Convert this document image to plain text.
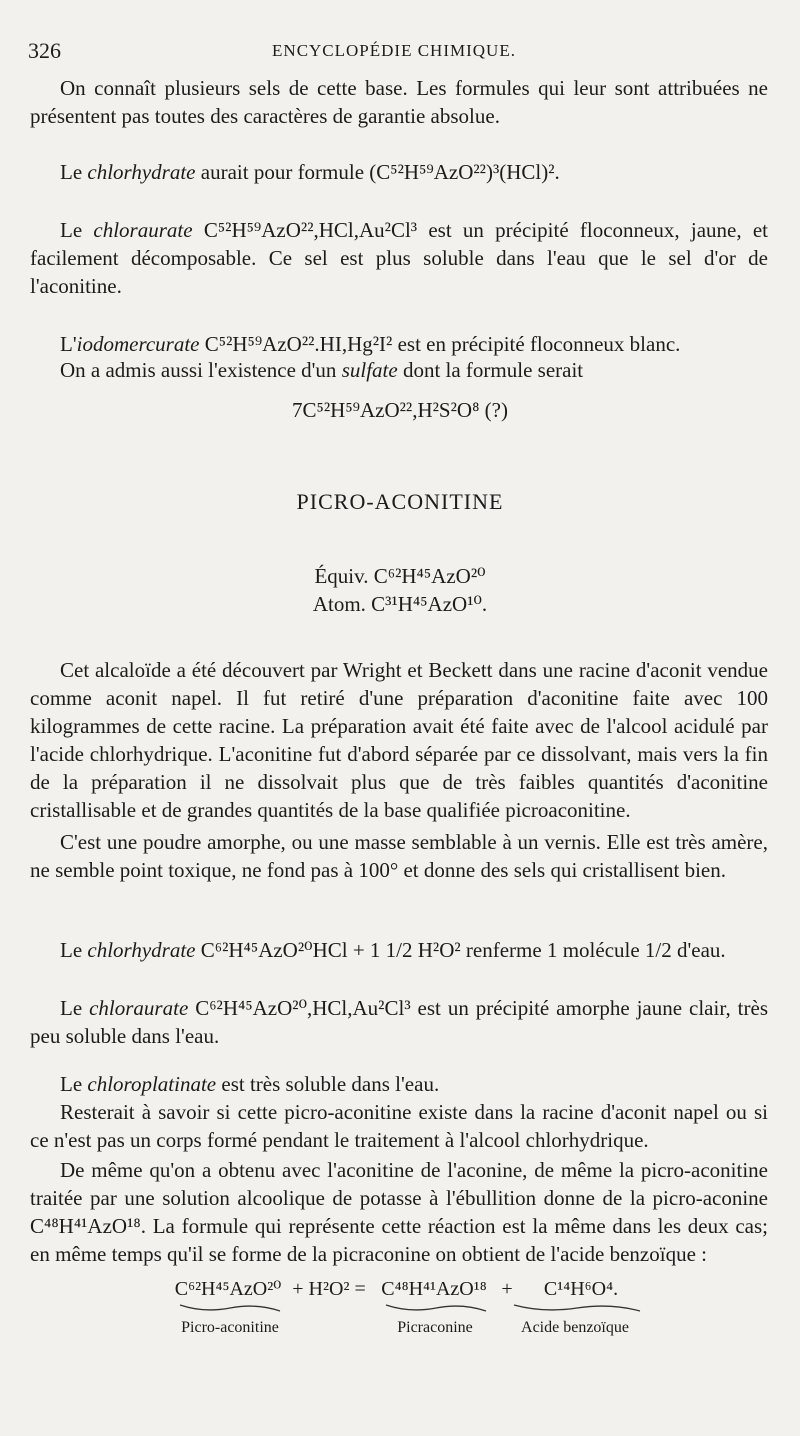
326	ENCYCLOPÉDIE CHIMIQUE.
On connaît plusieurs sels de cette base. Les formules qui leur sont attribuées ne présentent pas toutes des caractères de garantie absolue.
Le chlorhydrate aurait pour formule (C⁵²H⁵⁹AzO²²)³(HCl)².
Le chloraurate C⁵²H⁵⁹AzO²²,HCl,Au²Cl³ est un précipité floconneux, jaune, et facilement décomposable. Ce sel est plus soluble dans l'eau que le sel d'or de l'aconitine.
L'iodomercurate C⁵²H⁵⁹AzO²².HI,Hg²I² est en précipité floconneux blanc.
On a admis aussi l'existence d'un sulfate dont la formule serait
7C⁵²H⁵⁹AzO²²,H²S²O⁸ (?)
PICRO-ACONITINE
Équiv. C⁶²H⁴⁵AzO²⁰
Atom. C³¹H⁴⁵AzO¹⁰.
Cet alcaloïde a été découvert par Wright et Beckett dans une racine d'aconit vendue comme aconit napel. Il fut retiré d'une préparation d'aconitine faite avec 100 kilogrammes de cette racine. La préparation avait été faite avec de l'alcool acidulé par l'acide chlorhydrique. L'aconitine fut d'abord séparée par ce dissolvant, mais vers la fin de la préparation il ne dissolvait plus que de très faibles quantités d'aconitine cristallisable et de grandes quantités de la base qualifiée picroaconitine.
C'est une poudre amorphe, ou une masse semblable à un vernis. Elle est très amère, ne semble point toxique, ne fond pas à 100° et donne des sels qui cristallisent bien.
Le chlorhydrate C⁶²H⁴⁵AzO²⁰HCl + 1 1/2 H²O² renferme 1 molécule 1/2 d'eau.
Le chloraurate C⁶²H⁴⁵AzO²⁰,HCl,Au²Cl³ est un précipité amorphe jaune clair, très peu soluble dans l'eau.
Le chloroplatinate est très soluble dans l'eau.
Resterait à savoir si cette picro-aconitine existe dans la racine d'aconit napel ou si ce n'est pas un corps formé pendant le traitement à l'alcool chlorhydrique.
De même qu'on a obtenu avec l'aconitine de l'aconine, de même la picro-aconitine traitée par une solution alcoolique de potasse à l'ébullition donne de la picro-aconine C⁴⁸H⁴¹AzO¹⁸. La formule qui représente cette réaction est la même dans les deux cas; en même temps qu'il se forme de la picraconine on obtient de l'acide benzoïque :
C⁶²H⁴⁵AzO²⁰ + H²O² = C⁴⁸H⁴¹AzO¹⁸ +	C¹⁴H⁶O⁴.
Picro-aconitine	Picraconine	Acide benzoïque
